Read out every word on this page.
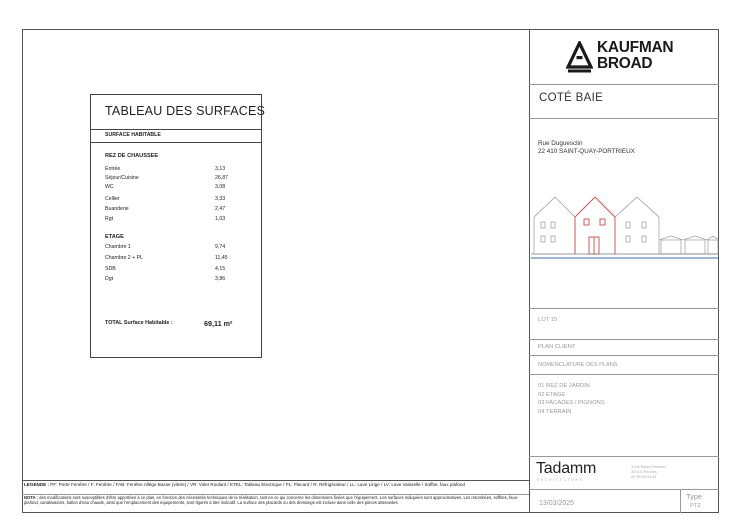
LEGENDE : PF: Porte Fenêtre / F: Fenêtre / FAB: Fenêtre Allège Basse (vitrée) / VR: Volet Roulant / ETEL: Tableau Electrique / PL: Placard / R: Réfrigérateur / LL: Lave Linge / LV: Lave Vaisselle / Soffite, faux plafond
NOTA : des modifications sont susceptibles d'être apportées à ce plan, en fonction des nécessités techniques de la réalisation, tant en ce qui concerne les dimensions fixées que l'équipement. Les surfaces indiquées sont approximatives. Les retombées, soffites, faux-plafond, canalisations, ballon d'eau chaude, ainsi que l'emplacement des équipements, sont figurés à titre indicatif. La surface des placards ou des dressings est incluse dans celle des pièces attenantes.
TABLEAU DES SURFACES
SURFACE HABITABLE
REZ DE CHAUSSEE
Entrée	3,13
Séjour/Cuisine	26,87
WC	3,08
Cellier	3,33
Buanderie	2,47
Rgt	1,03
ETAGE
Chambre 1	9,74
Chambre 2 + PL	11,45
SDB	4,15
Dgt	3,86
TOTAL Surface Habitable :	69,11 m²
KAUFMAN
BROAD
COTÉ BAIE
Rue Duguesclin
22 410 SAINT-QUAY-PORTRIEUX
LOT 15
PLAN CLIENT
NOMENCLATURE DES PLANS
01 REZ DE JARDIN
02 ETAGE
03 FACADES / PIGNONS
04 TERRAIN
Tadamm
ARCHITECTURE
3 rue Raoul Pletcher
35 000 Rennes
02 99 63 04 84
13/03/2025
Type
PTZ
